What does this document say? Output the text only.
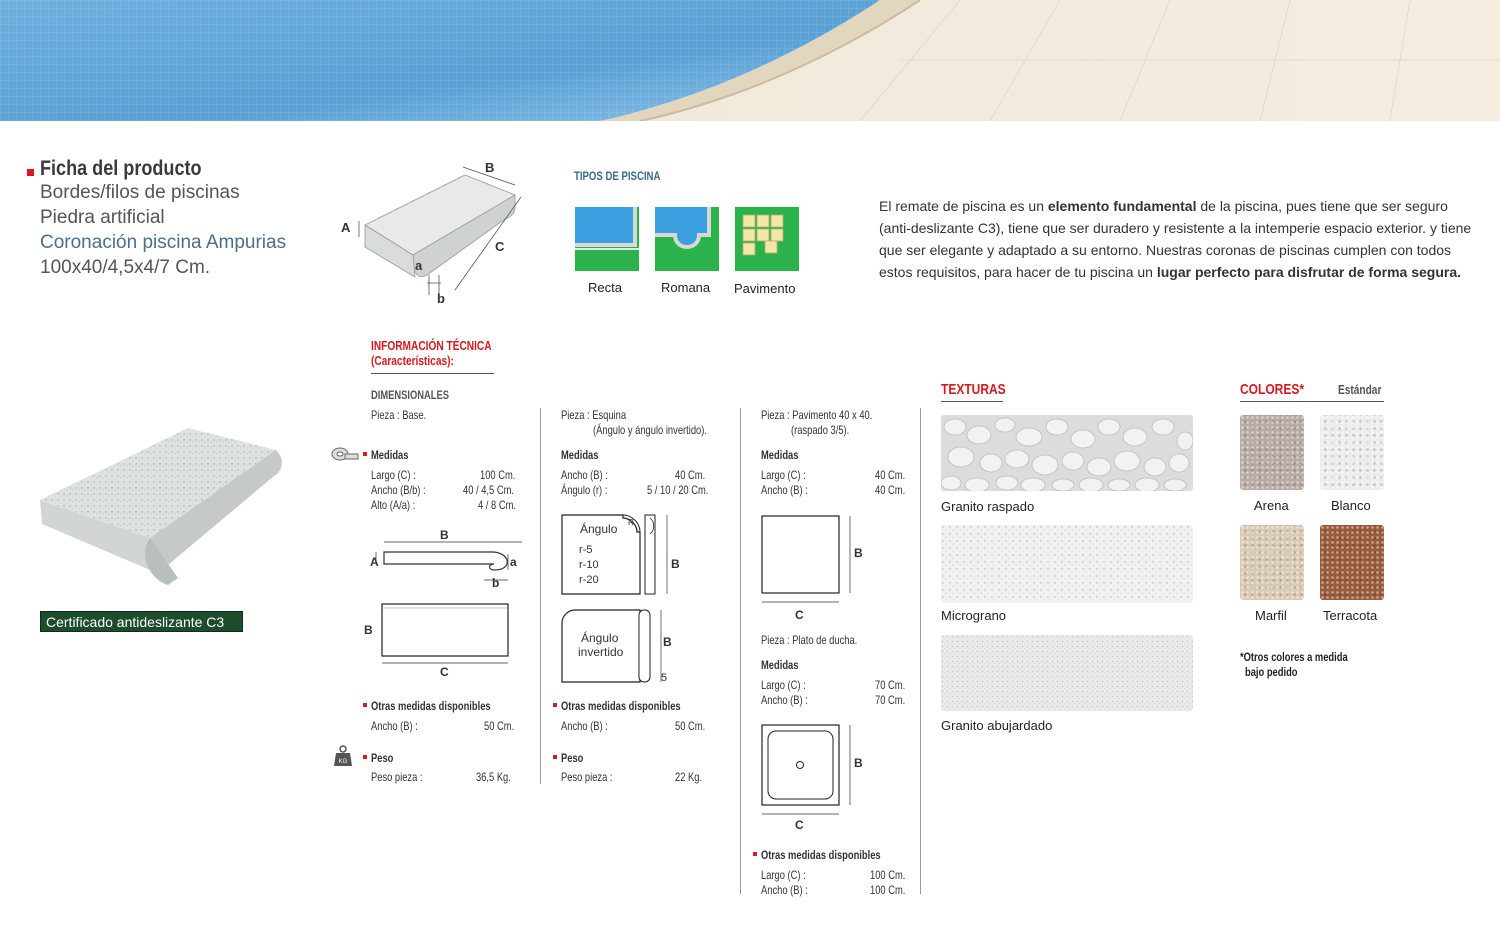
Ficha del producto
Bordes/filos de piscinas
Piedra artificial
Coronación piscina Ampurias
100x40/4,5x4/7 Cm.
Certificado antideslizante C3
B
A
C
a
b
TIPOS DE PISCINA
Recta	Romana Pavimento
El remate de piscina es un elemento fundamental de la piscina, pues tiene que ser seguro (anti-deslizante C3), tiene que ser duradero y resistente a la intemperie espacio exterior. y tiene que ser elegante y adaptado a su entorno. Nuestras coronas de piscinas cumplen con todos estos requisitos, para hacer de tu piscina un lugar perfecto para disfrutar de forma segura.
INFORMACIÓN TÉCNICA
(Características):
DIMENSIONALES
Pieza : Base.
Medidas
Largo (C) :	100 Cm.
Ancho (B/b) :	40 / 4,5 Cm.
Alto (A/a) :	4 / 8 Cm.
B
A	a
b
B
C
Otras medidas disponibles
Ancho (B) :	50 Cm.
KG Peso
Peso pieza :	36,5 Kg.
Pieza : Esquina
(Ángulo y ángulo invertido).
Medidas
Ancho (B) :	40 Cm.
Ángulo (r) :	5 / 10 / 20 Cm.
Ángulo
r-5
r-10
r-20
R
B
Ángulo
invertido
B
5
Otras medidas disponibles
Ancho (B) :	50 Cm.
Peso
Peso pieza :	22 Kg.
Pieza : Pavimento 40 x 40.
(raspado 3/5).
Medidas
Largo (C) :	40 Cm.
Ancho (B) :	40 Cm.
B
C
Pieza : Plato de ducha.
Medidas
Largo (C) :	70 Cm.
Ancho (B) :	70 Cm.
B
C
Otras medidas disponibles
Largo (C) :	100 Cm.
Ancho (B) :	100 Cm.
TEXTURAS
Granito raspado
Micrograno
Granito abujardado
COLORES*	Estándar
Arena	Blanco
Marfil	Terracota
*Otros colores a medida
bajo pedido
